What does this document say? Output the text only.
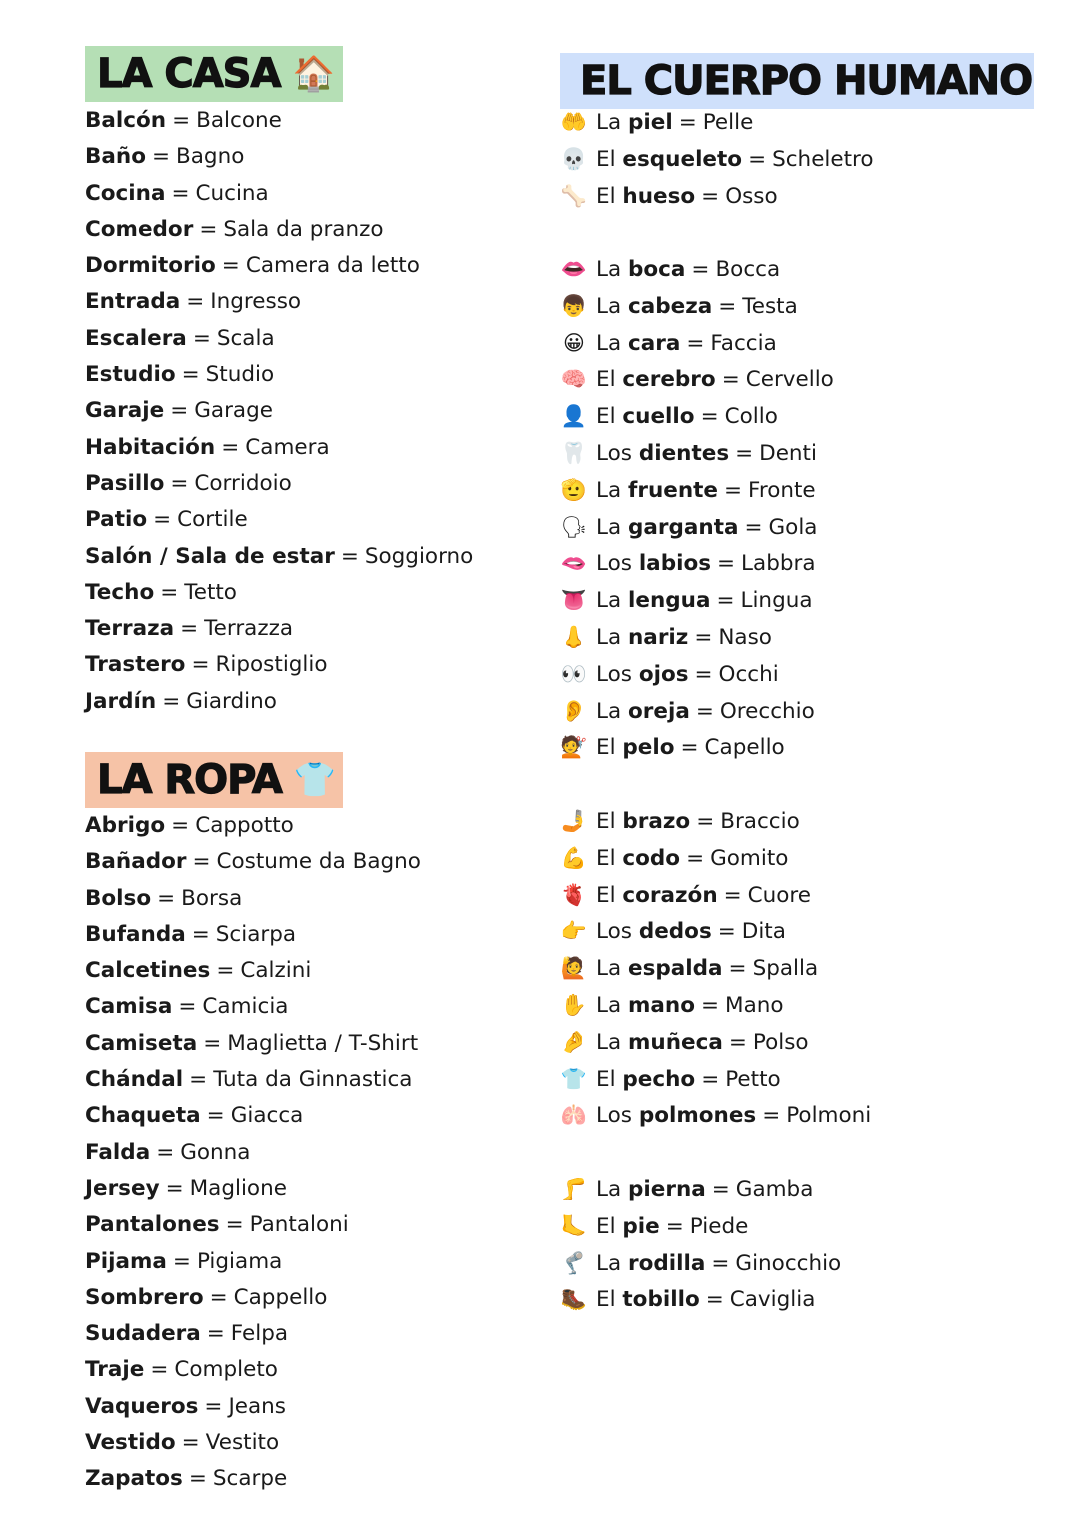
LA CASA 🏠
Balcón = Balcone
Baño = Bagno
Cocina = Cucina
Comedor = Sala da pranzo
Dormitorio = Camera da letto
Entrada = Ingresso
Escalera = Scala
Estudio = Studio
Garaje = Garage
Habitación = Camera
Pasillo = Corridoio
Patio = Cortile
Salón / Sala de estar = Soggiorno
Techo = Tetto
Terraza = Terrazza
Trastero = Ripostiglio
Jardín = Giardino
LA ROPA 👕
Abrigo = Cappotto
Bañador = Costume da Bagno
Bolso = Borsa
Bufanda = Sciarpa
Calcetines = Calzini
Camisa = Camicia
Camiseta = Maglietta / T-Shirt
Chándal = Tuta da Ginnastica
Chaqueta = Giacca
Falda = Gonna
Jersey = Maglione
Pantalones = Pantaloni
Pijama = Pigiama
Sombrero = Cappello
Sudadera = Felpa
Traje = Completo
Vaqueros = Jeans
Vestido = Vestito
Zapatos = Scarpe
EL CUERPO HUMANO
🤲 La piel = Pelle
💀 El esqueleto = Scheletro
🦴 El hueso = Osso
👄 La boca = Bocca
👦 La cabeza = Testa
😀 La cara = Faccia
🧠 El cerebro = Cervello
👤 El cuello = Collo
🦷 Los dientes = Denti
🫡 La fruente = Fronte
🗣 La garganta = Gola
🫦 Los labios = Labbra
👅 La lengua = Lingua
👃 La nariz = Naso
👀 Los ojos = Occhi
👂 La oreja = Orecchio
💇 El pelo = Capello
🤳 El brazo = Braccio
💪 El codo = Gomito
🫀 El corazón = Cuore
👉 Los dedos = Dita
🙋 La espalda = Spalla
✋ La mano = Mano
🤌 La muñeca = Polso
👕 El pecho = Petto
🫁 Los polmones = Polmoni
🦵 La pierna = Gamba
🦶 El pie = Piede
🦿 La rodilla = Ginocchio
🥾 El tobillo = Caviglia
